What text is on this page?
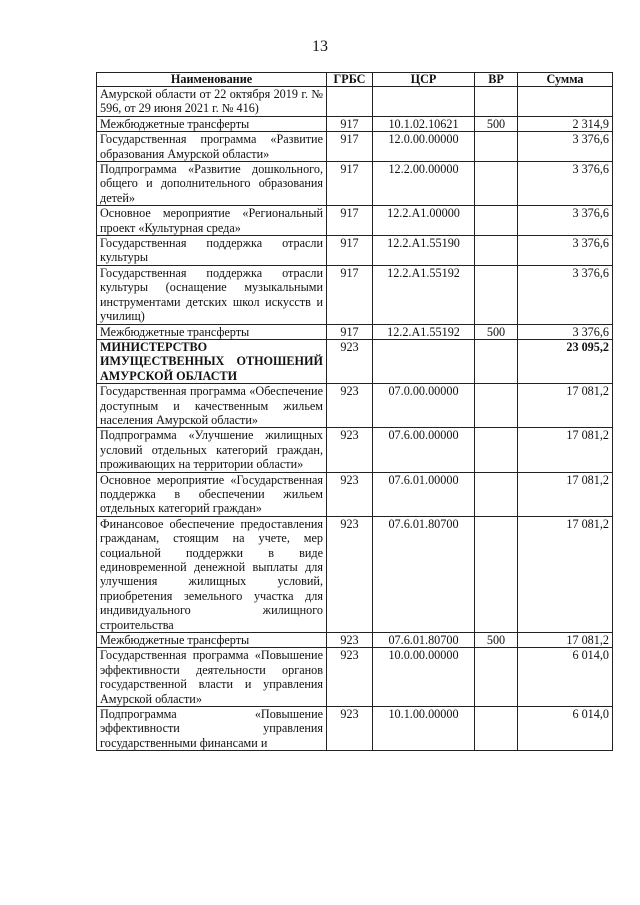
13
Наименование	ГРБС	ЦСР	ВР	Сумма
Амурской области от 22 октября 2019 г. № 596, от 29 июня 2021 г. № 416)				
Межбюджетные трансферты	917	10.1.02.10621	500	2 314,9
Государственная программа «Развитие образования Амурской области»	917	12.0.00.00000		3 376,6
Подпрограмма «Развитие дошкольного, общего и дополнительного образования детей»	917	12.2.00.00000		3 376,6
Основное мероприятие «Региональный проект «Культурная среда»	917	12.2.A1.00000		3 376,6
Государственная поддержка отрасли культуры	917	12.2.A1.55190		3 376,6
Государственная поддержка отрасли культуры (оснащение музыкальными инструментами детских школ искусств и училищ)	917	12.2.A1.55192		3 376,6
Межбюджетные трансферты	917	12.2.A1.55192	500	3 376,6
МИНИСТЕРСТВО ИМУЩЕСТВЕННЫХ ОТНОШЕНИЙ АМУРСКОЙ ОБЛАСТИ	923			23 095,2
Государственная программа «Обеспечение доступным и качественным жильем населения Амурской области»	923	07.0.00.00000		17 081,2
Подпрограмма «Улучшение жилищных условий отдельных категорий граждан, проживающих на территории области»	923	07.6.00.00000		17 081,2
Основное мероприятие «Государственная поддержка в обеспечении жильем отдельных категорий граждан»	923	07.6.01.00000		17 081,2
Финансовое обеспечение предоставления гражданам, стоящим на учете, мер социальной поддержки в виде единовременной денежной выплаты для улучшения жилищных условий, приобретения земельного участка для индивидуального жилищного строительства	923	07.6.01.80700		17 081,2
Межбюджетные трансферты	923	07.6.01.80700	500	17 081,2
Государственная программа «Повышение эффективности деятельности органов государственной власти и управления Амурской области»	923	10.0.00.00000		6 014,0
Подпрограмма «Повышение эффективности управления государственными финансами и	923	10.1.00.00000		6 014,0
